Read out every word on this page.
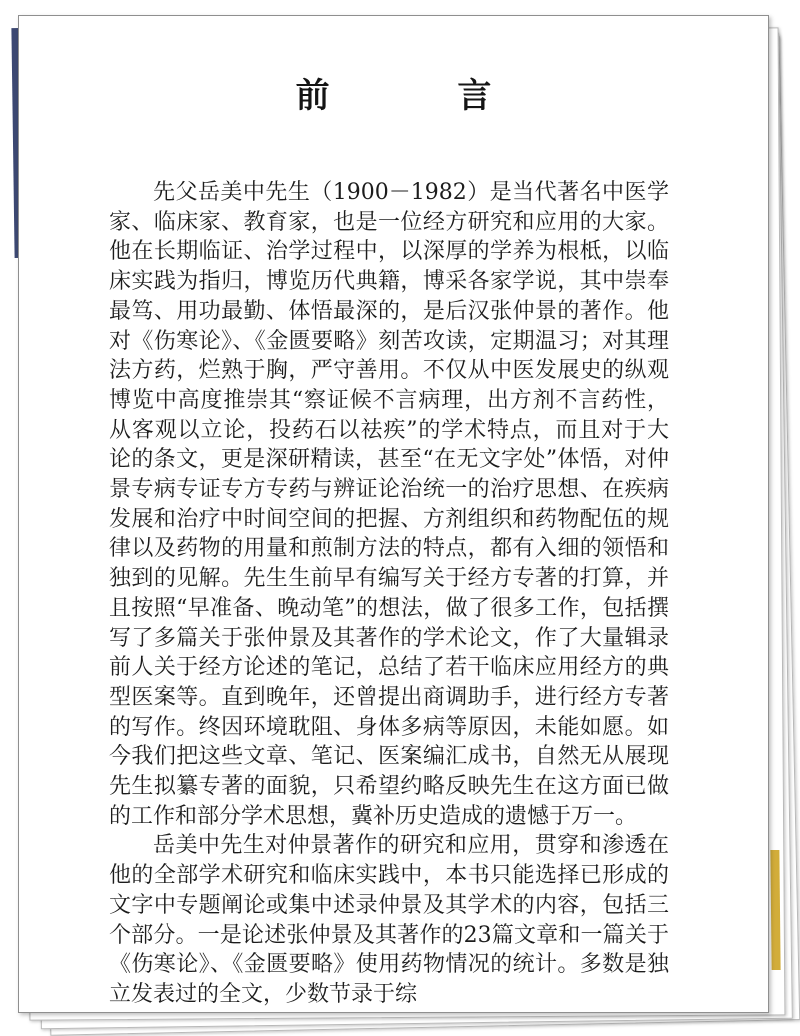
前 言

先父岳美中先生（1900－1982）是当代著名中医学家、临床家、教育家，也是一位经方研究和应用的大家。他在长期临证、治学过程中，以深厚的学养为根柢，以临床实践为指归，博览历代典籍，博采各家学说，其中崇奉最笃、用功最勤、体悟最深的，是后汉张仲景的著作。他对《伤寒论》、《金匮要略》刻苦攻读，定期温习；对其理法方药，烂熟于胸，严守善用。不仅从中医发展史的纵观博览中高度推崇其“察证候不言病理，出方剂不言药性，从客观以立论，投药石以祛疾”的学术特点，而且对于大论的条文，更是深研精读，甚至“在无文字处”体悟，对仲景专病专证专方专药与辨证论治统一的治疗思想、在疾病发展和治疗中时间空间的把握、方剂组织和药物配伍的规律以及药物的用量和煎制方法的特点，都有入细的领悟和独到的见解。先生生前早有编写关于经方专著的打算，并且按照“早准备、晚动笔”的想法，做了很多工作，包括撰写了多篇关于张仲景及其著作的学术论文，作了大量辑录前人关于经方论述的笔记，总结了若干临床应用经方的典型医案等。直到晚年，还曾提出商调助手，进行经方专著的写作。终因环境耽阻、身体多病等原因，未能如愿。如今我们把这些文章、笔记、医案编汇成书，自然无从展现先生拟纂专著的面貌，只希望约略反映先生在这方面已做的工作和部分学术思想，冀补历史造成的遗憾于万一。

岳美中先生对仲景著作的研究和应用，贯穿和渗透在他的全部学术研究和临床实践中，本书只能选择已形成的文字中专题阐论或集中述录仲景及其学术的内容，包括三个部分。一是论述张仲景及其著作的23篇文章和一篇关于《伤寒论》、《金匮要略》使用药物情况的统计。多数是独立发表过的全文，少数节录于综
